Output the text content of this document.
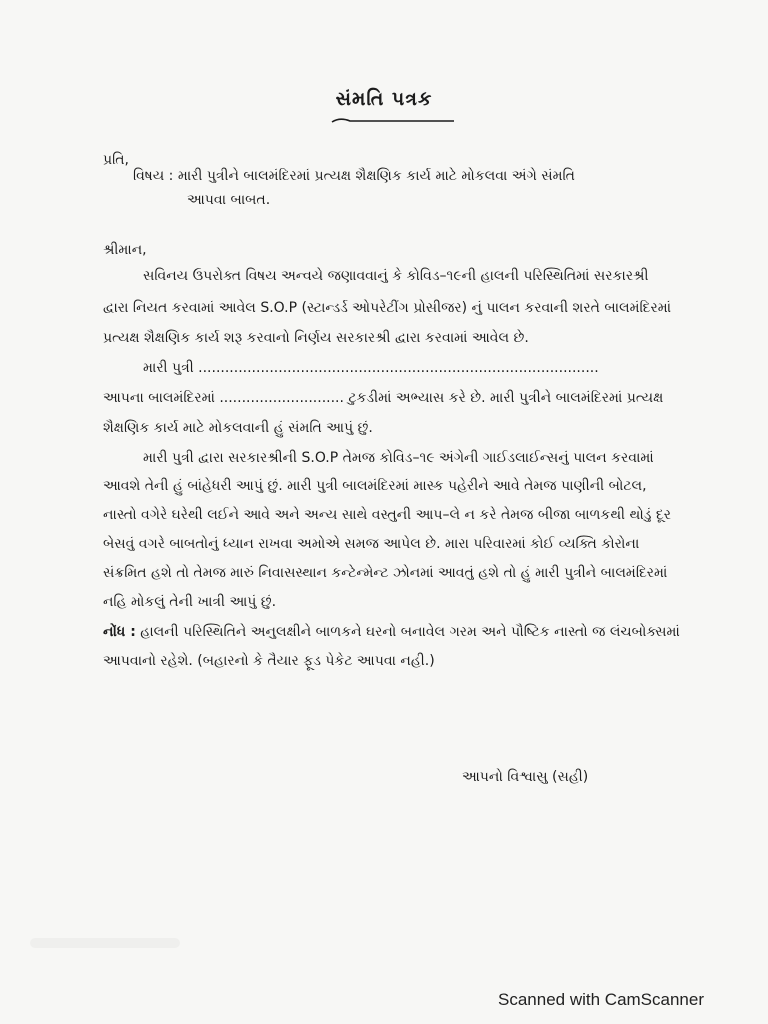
સંમતિ પત્રક
પ્રતિ,
વિષય : મારી પુત્રીને બાલમંદિરમાં પ્રત્યક્ષ શૈક્ષણિક કાર્ય માટે મોકલવા અંગે સંમતિ
આપવા બાબત.
શ્રીમાન,
સવિનય ઉપરોક્ત વિષય અન્વયે જણાવવાનું કે કોવિડ–૧૯ની હાલની પરિસ્થિતિમાં સરકારશ્રી
દ્વારા નિયત કરવામાં આવેલ S.O.P (સ્ટાન્ડર્ડ ઓપરેટીંગ પ્રોસીજર) નું પાલન કરવાની શરતે બાલમંદિરમાં
પ્રત્યક્ષ શૈક્ષણિક કાર્ય શરૂ કરવાનો નિર્ણય સરકારશ્રી દ્વારા કરવામાં આવેલ છે.
મારી પુત્રી ..........................................................................................
આપના બાલમંદિરમાં ............................ ટુકડીમાં અભ્યાસ કરે છે. મારી પુત્રીને બાલમંદિરમાં પ્રત્યક્ષ
શૈક્ષણિક કાર્ય માટે મોકલવાની હું સંમતિ આપું છું.
મારી પુત્રી દ્વારા સરકારશ્રીની S.O.P તેમજ કોવિડ–૧૯ અંગેની ગાઈડલાઈન્સનું પાલન કરવામાં
આવશે તેની હું બાંહેધરી આપું છું. મારી પુત્રી બાલમંદિરમાં માસ્ક પહેરીને આવે તેમજ પાણીની બોટલ,
નાસ્તો વગેરે ઘરેથી લઈને આવે અને અન્ય સાથે વસ્તુની આપ–લે ન કરે તેમજ બીજા બાળકથી થોડું દૂર
બેસવું વગરે બાબતોનું ધ્યાન રાખવા અમોએ સમજ આપેલ છે. મારા પરિવારમાં કોઈ વ્યક્તિ કોરોના
સંક્રમિત હશે તો તેમજ મારું નિવાસસ્થાન કન્ટેન્મેન્ટ ઝોનમાં આવતું હશે તો હું મારી પુત્રીને બાલમંદિરમાં
નહિ મોકલું તેની ખાત્રી આપું છું.
નોંધ : હાલની પરિસ્થિતિને અનુલક્ષીને બાળકને ઘરનો બનાવેલ ગરમ અને પૌષ્ટિક નાસ્તો જ લંચબોક્સમાં
આપવાનો રહેશે. (બહારનો કે તૈયાર ફૂડ પેકેટ આપવા નહી.)
આપનો વિશ્વાસુ (સહી)
Scanned with CamScanner
